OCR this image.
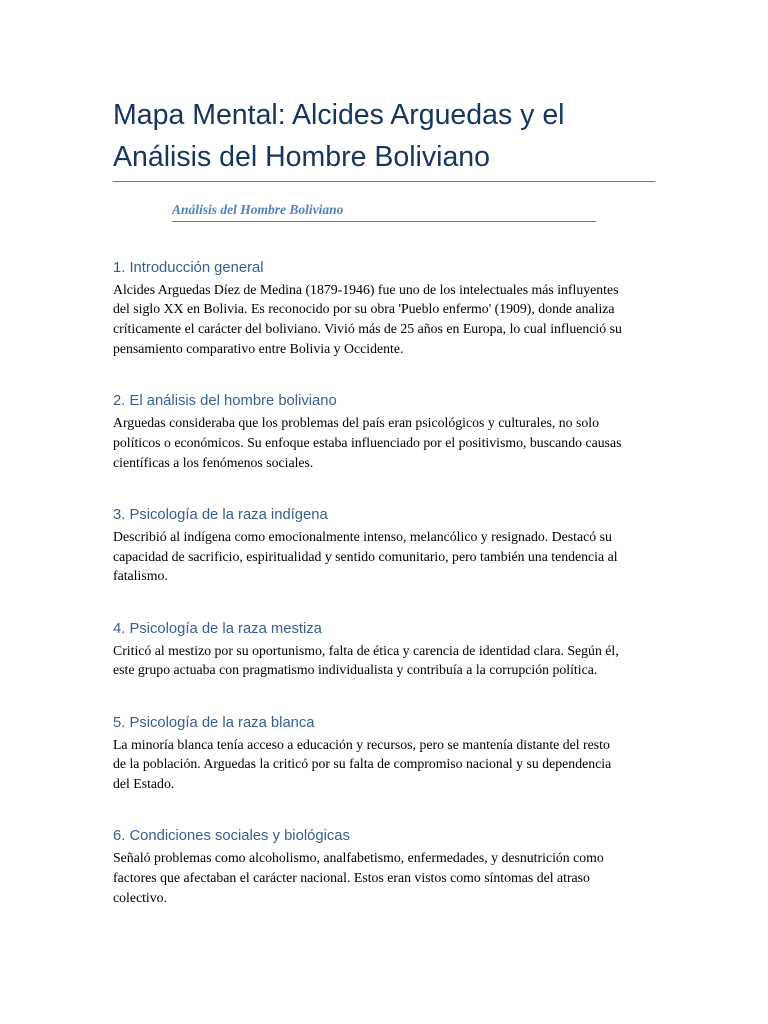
Mapa Mental: Alcides Arguedas y el
Análisis del Hombre Boliviano
Análisis del Hombre Boliviano
1. Introducción general
Alcides Arguedas Díez de Medina (1879-1946) fue uno de los intelectuales más influyentes
del siglo XX en Bolivia. Es reconocido por su obra 'Pueblo enfermo' (1909), donde analiza
críticamente el carácter del boliviano. Vivió más de 25 años en Europa, lo cual influenció su
pensamiento comparativo entre Bolivia y Occidente.
2. El análisis del hombre boliviano
Arguedas consideraba que los problemas del país eran psicológicos y culturales, no solo
políticos o económicos. Su enfoque estaba influenciado por el positivismo, buscando causas
científicas a los fenómenos sociales.
3. Psicología de la raza indígena
Describió al indígena como emocionalmente intenso, melancólico y resignado. Destacó su
capacidad de sacrificio, espiritualidad y sentido comunitario, pero también una tendencia al
fatalismo.
4. Psicología de la raza mestiza
Criticó al mestizo por su oportunismo, falta de ética y carencia de identidad clara. Según él,
este grupo actuaba con pragmatismo individualista y contribuía a la corrupción política.
5. Psicología de la raza blanca
La minoría blanca tenía acceso a educación y recursos, pero se mantenía distante del resto
de la población. Arguedas la criticó por su falta de compromiso nacional y su dependencia
del Estado.
6. Condiciones sociales y biológicas
Señaló problemas como alcoholismo, analfabetismo, enfermedades, y desnutrición como
factores que afectaban el carácter nacional. Estos eran vistos como síntomas del atraso
colectivo.
